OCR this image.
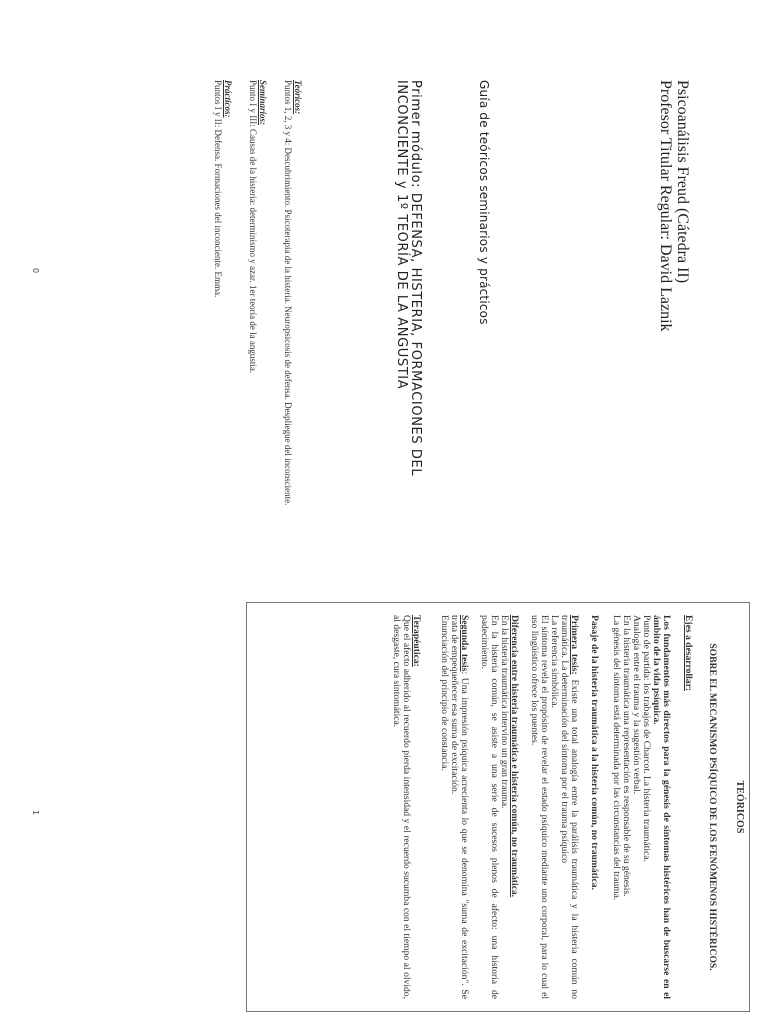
Psicoanálisis Freud (Cátedra II)
Profesor Titular Regular: David Laznik
Guía de teóricos seminarios y prácticos
Primer módulo: DEFENSA, HISTERIA, FORMACIONES DEL
INCONCIENTE y 1º TEORÍA DE LA ANGUSTIA
Teóricos:
Puntos 1, 2, 3 y 4: Descubrimiento. Psicoterapia de la histeria. Neuropsicosis de defensa. Despliegue del inconsciente.
Seminarios:
Punto I y III: Causas de la histeria: determinismo y azar. 1er teoría de la angustia.
Prácticos:
Puntos I y II: Defensa. Formaciones del inconciente. Emma.
0
TEÓRICOS
SOBRE EL MECANISMO PSÍQUICO DE LOS FENÓMENOS HISTÉRICOS.
Ejes a desarrollar:
Los fundamentos más directos para la génesis de síntomas histéricos han de buscarse en el ámbito de la vida psíquica.
Punto de partida: los trabajos de Charcot. La histeria traumática.
Analogía entre el trauma y la sugestión verbal.
En la histeria traumática una representación es responsable de su génesis.
La génesis del síntoma está determinada por las circunstancias del trauma.
Pasaje de la histeria traumática a la histeria común, no traumática.
Primera tesis: Existe una total analogía entre la parálisis traumática y la histeria común no traumática. La determinación del síntoma por el trauma psíquico
La referencia simbólica.
El síntoma revela el propósito de revelar el estado psíquico mediante uno corporal, para lo cual el uso lingüístico ofrece los puentes.
Diferencia entre histeria traumática e histeria común, no traumática.
En la histeria traumática intervino un gran trauma.
En la histeria común, se asiste a una serie de sucesos plenos de afecto: una historia de padecimiento.
Segunda tesis: Una impresión psíquica acrecienta lo que se denomina "suma de excitación". Se trata de empequeñecer esa suma de excitación.
Enunciación del principio de constancia.
Terapéutica:
Que el afecto adherido al recuerdo pierda intensidad y el recuerdo sucumba con el tiempo al olvido, al desgaste, cura sintomática.
1
